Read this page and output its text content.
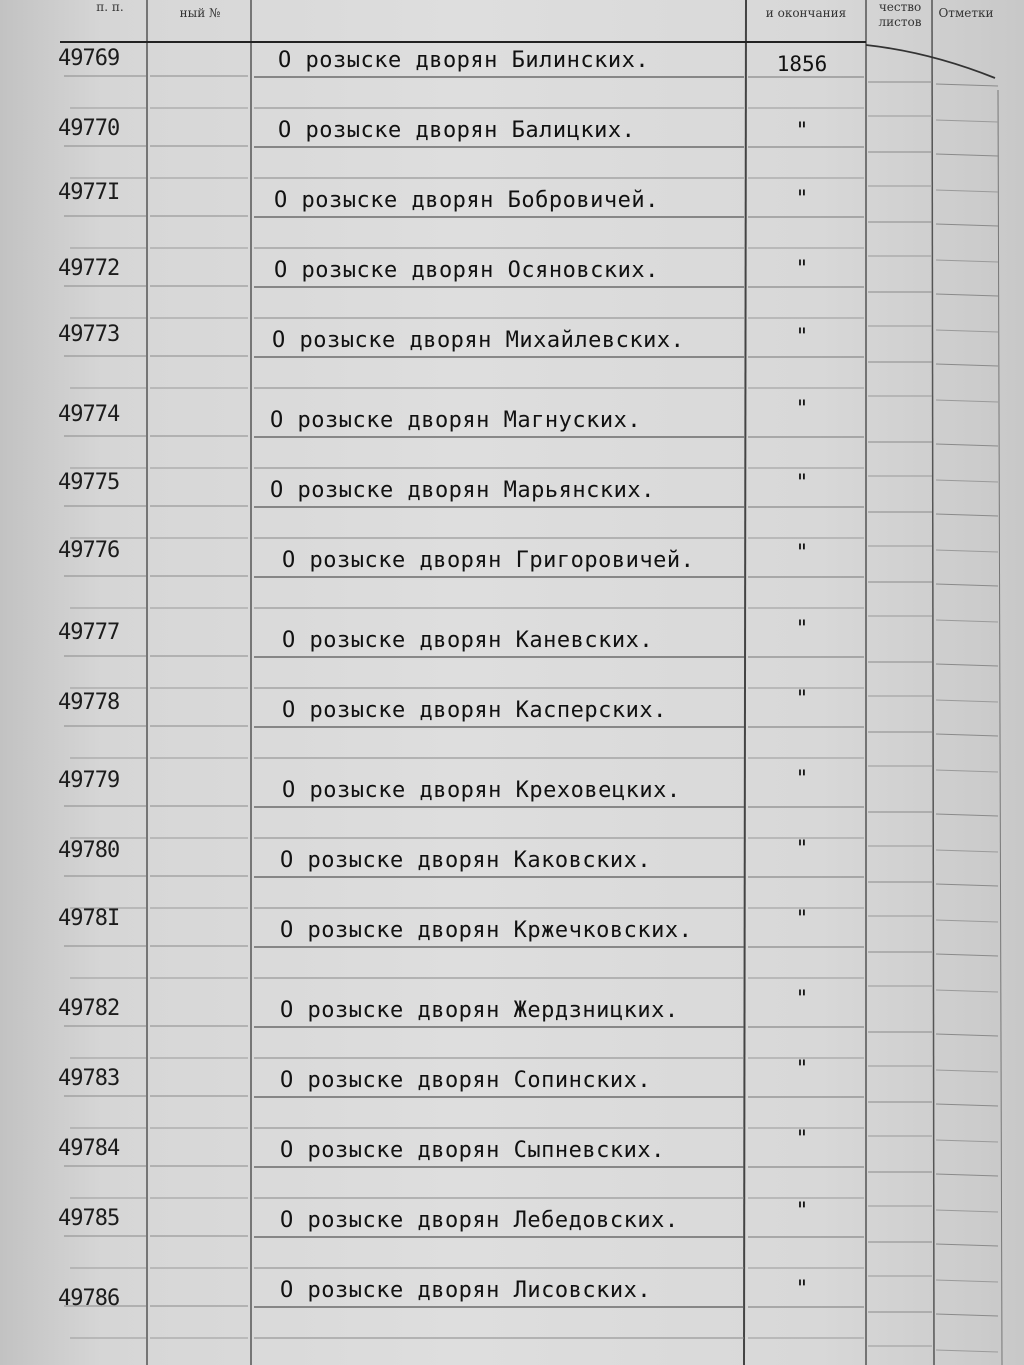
п. п.	ный №	и окончания	чество листов
Отметки
49769	О розыске дворян Билинских.	1856
49770	О розыске дворян Балицких.	"
4977I	О розыске дворян Бобровичей.	"
49772	О розыске дворян Осяновских.	"
49773	О розыске дворян Михайлевских.	"
49774	О розыске дворян Магнуских.	"
49775	О розыске дворян Марьянских.	"
49776	О розыске дворян Григоровичей.	"
49777	О розыске дворян Каневских.	"
49778	О розыске дворян Касперских.	"
49779	О розыске дворян Креховецких.	"
49780	О розыске дворян Каковских.	"
4978I	О розыске дворян Кржечковских.	"
49782	О розыске дворян Жердзницких.	"
49783	О розыске дворян Сопинских.	"
49784	О розыске дворян Сыпневских.	"
49785	О розыске дворян Лебедовских.	"
49786	О розыске дворян Лисовских.	"
